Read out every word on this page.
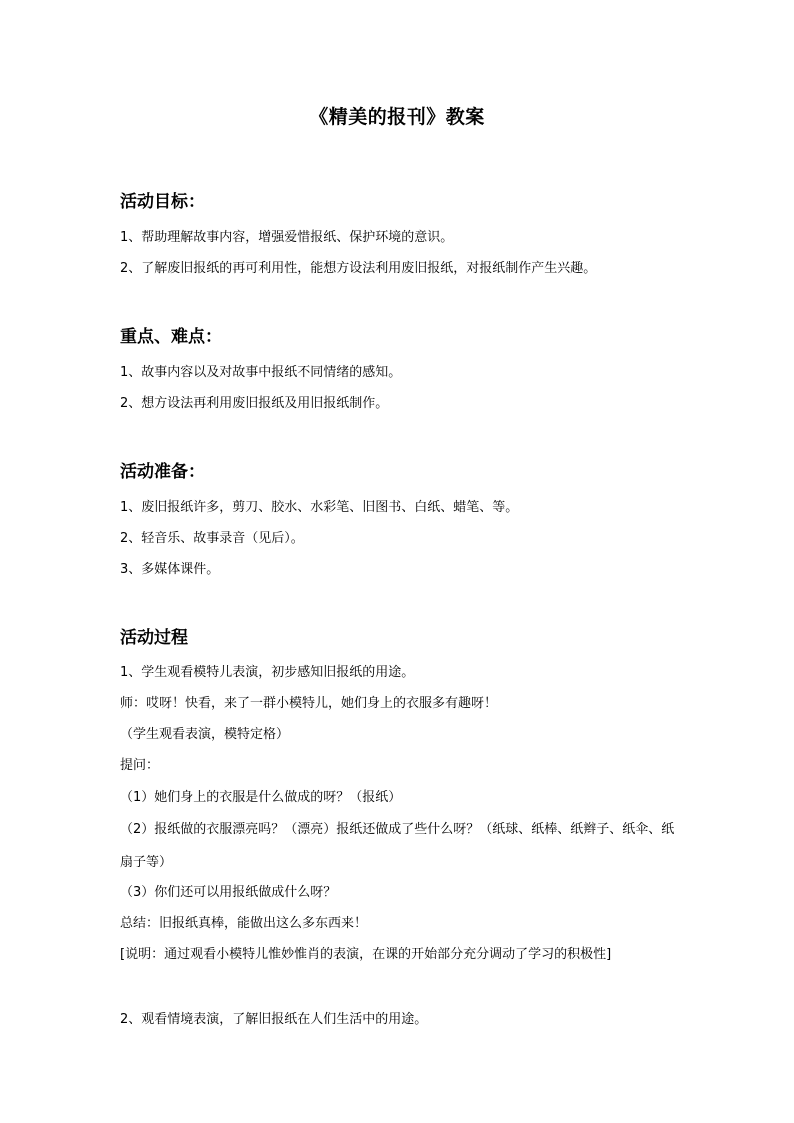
《精美的报刊》教案
活动目标：
1、帮助理解故事内容，增强爱惜报纸、保护环境的意识。
2、了解废旧报纸的再可利用性，能想方设法利用废旧报纸，对报纸制作产生兴趣。
重点、难点：
1、故事内容以及对故事中报纸不同情绪的感知。
2、想方设法再利用废旧报纸及用旧报纸制作。
活动准备：
1、废旧报纸许多，剪刀、胶水、水彩笔、旧图书、白纸、蜡笔、等。
2、轻音乐、故事录音（见后）。
3、多媒体课件。
活动过程
1、学生观看模特儿表演，初步感知旧报纸的用途。
师：哎呀！快看，来了一群小模特儿，她们身上的衣服多有趣呀！
（学生观看表演，模特定格）
提问：
（1）她们身上的衣服是什么做成的呀？（报纸）
（2）报纸做的衣服漂亮吗？（漂亮）报纸还做成了些什么呀？（纸球、纸棒、纸辫子、纸伞、纸扇子等）
（3）你们还可以用报纸做成什么呀？
总结：旧报纸真棒，能做出这么多东西来！
[说明：通过观看小模特儿惟妙惟肖的表演，在课的开始部分充分调动了学习的积极性]
2、观看情境表演，了解旧报纸在人们生活中的用途。
